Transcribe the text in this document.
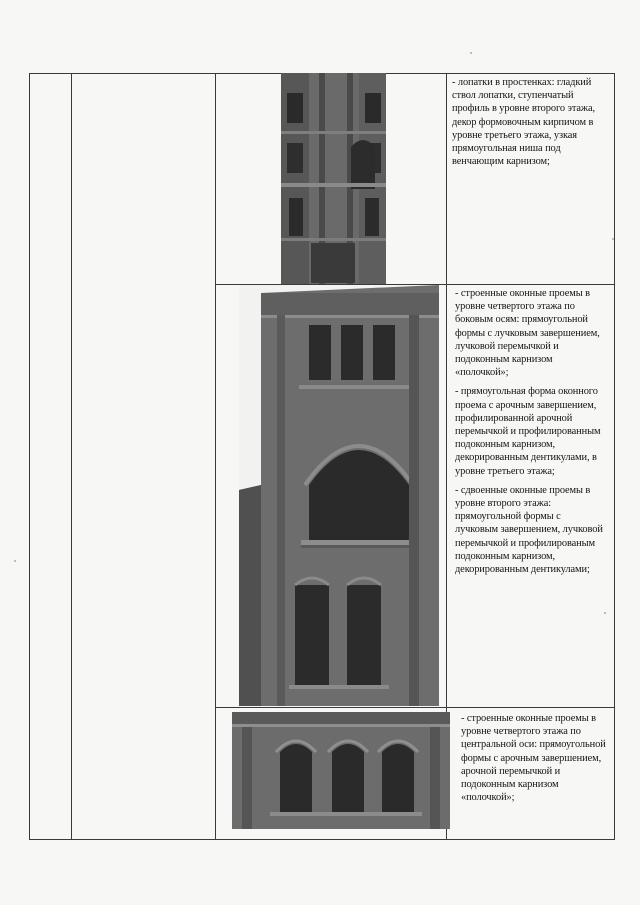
- лопатки в простенках: гладкий ствол лопатки, ступенчатый профиль в уровне второго этажа, декор формовочным кирпичом в уровне третьего этажа, узкая прямоугольная ниша под венчающим карнизом;

- строенные оконные проемы в уровне четвертого этажа по боковым осям: прямоугольной формы с лучковым завершением, лучковой перемычкой и подоконным карнизом «полочкой»;

- прямоугольная форма оконного проема с арочным завершением, профилированной арочной перемычкой и профилированным подоконным карнизом, декорированным дентикулами, в уровне третьего этажа;

- сдвоенные оконные проемы в уровне второго этажа: прямоугольной формы с лучковым завершением, лучковой перемычкой и профилированым подоконным карнизом, декорированным дентикулами;

- строенные оконные проемы в уровне четвертого этажа по центральной оси: прямоугольной формы с арочным завершением, арочной перемычкой и подоконным карнизом «полочкой»;
